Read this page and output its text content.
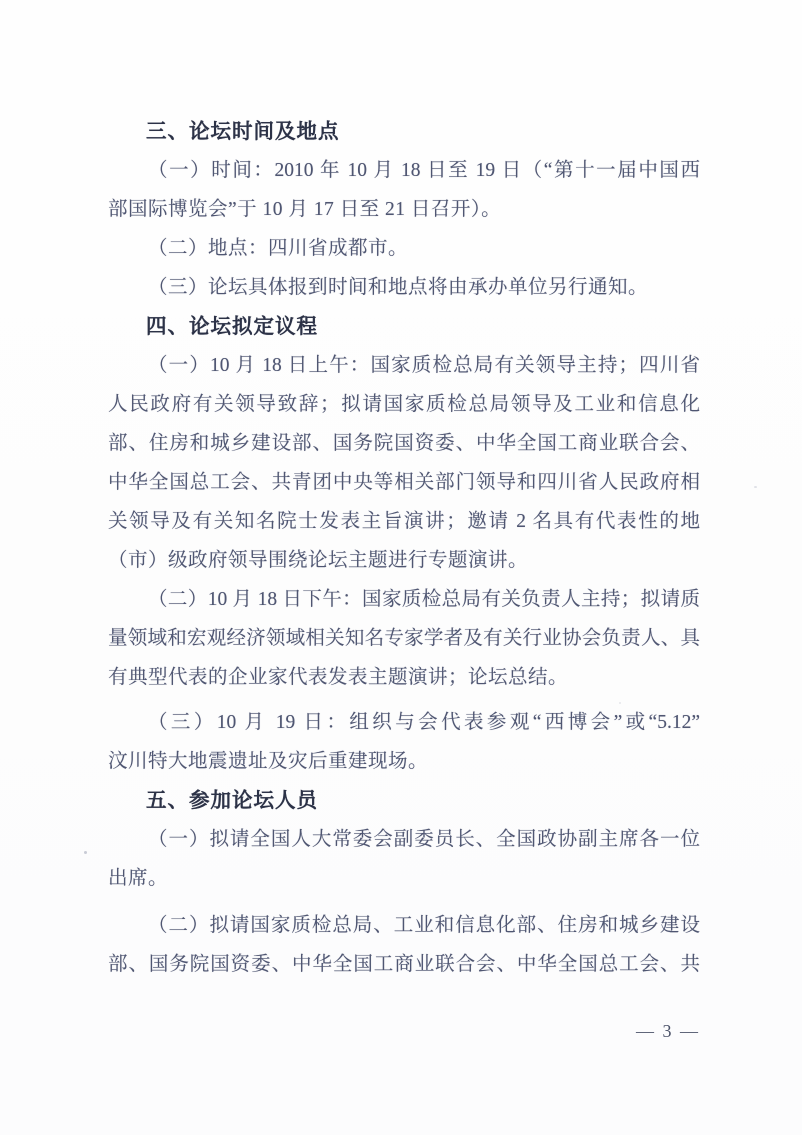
三、论坛时间及地点
（一）时间：2010 年 10 月 18 日至 19 日（“第十一届中国西
部国际博览会”于 10 月 17 日至 21 日召开）。
（二）地点：四川省成都市。
（三）论坛具体报到时间和地点将由承办单位另行通知。
四、论坛拟定议程
（一）10 月 18 日上午：国家质检总局有关领导主持；四川省
人民政府有关领导致辞；拟请国家质检总局领导及工业和信息化
部、住房和城乡建设部、国务院国资委、中华全国工商业联合会、
中华全国总工会、共青团中央等相关部门领导和四川省人民政府相
关领导及有关知名院士发表主旨演讲；邀请 2 名具有代表性的地
（市）级政府领导围绕论坛主题进行专题演讲。
（二）10 月 18 日下午：国家质检总局有关负责人主持；拟请质
量领域和宏观经济领域相关知名专家学者及有关行业协会负责人、具
有典型代表的企业家代表发表主题演讲；论坛总结。
（三）10 月 19 日：组织与会代表参观“西博会”或“5.12”
汶川特大地震遗址及灾后重建现场。
五、参加论坛人员
（一）拟请全国人大常委会副委员长、全国政协副主席各一位
出席。
（二）拟请国家质检总局、工业和信息化部、住房和城乡建设
部、国务院国资委、中华全国工商业联合会、中华全国总工会、共
— 3 —
